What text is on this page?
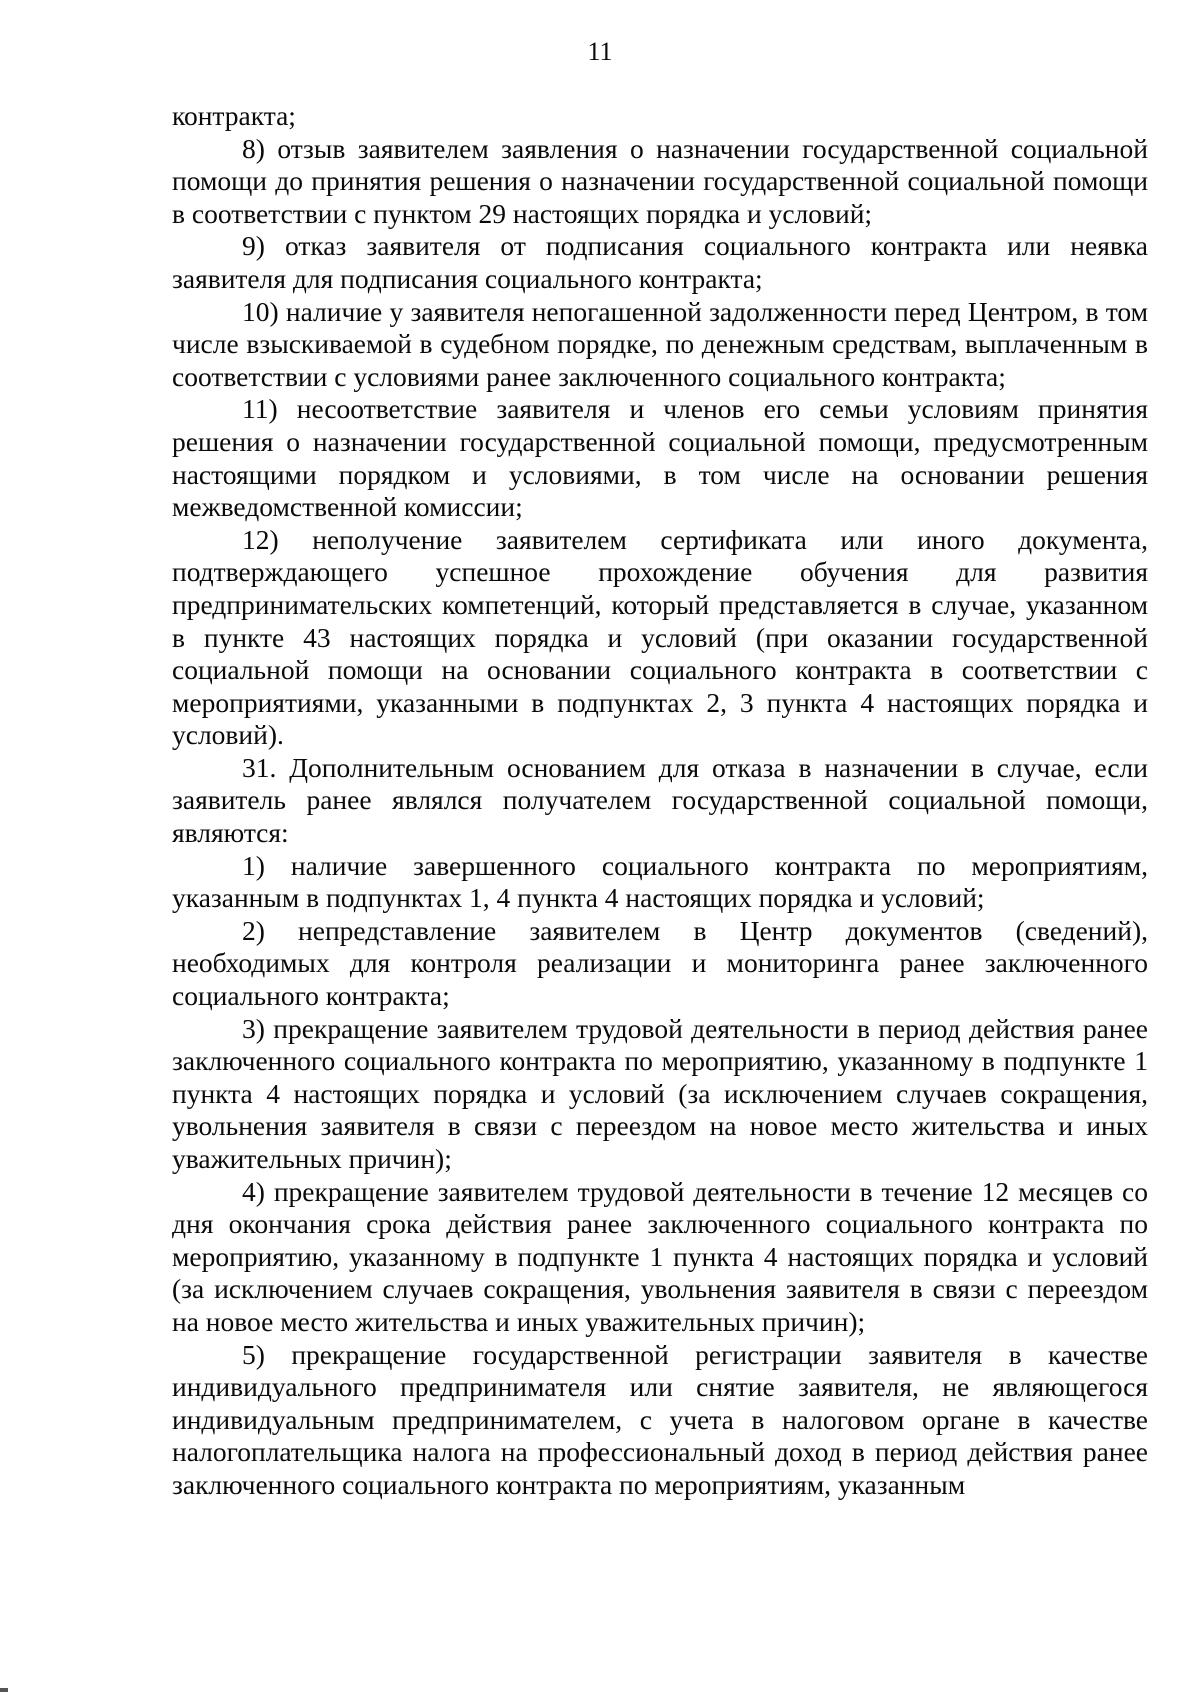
11

контракта;

8) отзыв заявителем заявления о назначении государственной социальной помощи до принятия решения о назначении государственной социальной помощи в соответствии с пунктом 29 настоящих порядка и условий;

9) отказ заявителя от подписания социального контракта или неявка заявителя для подписания социального контракта;

10) наличие у заявителя непогашенной задолженности перед Центром, в том числе взыскиваемой в судебном порядке, по денежным средствам, выплаченным в соответствии с условиями ранее заключенного социального контракта;

11) несоответствие заявителя и членов его семьи условиям принятия решения о назначении государственной социальной помощи, предусмотренным настоящими порядком и условиями, в том числе на основании решения межведомственной комиссии;

12) неполучение заявителем сертификата или иного документа, подтверждающего успешное прохождение обучения для развития предпринимательских компетенций, который представляется в случае, указанном в пункте 43 настоящих порядка и условий (при оказании государственной социальной помощи на основании социального контракта в соответствии с мероприятиями, указанными в подпунктах 2, 3 пункта 4 настоящих порядка и условий).

31. Дополнительным основанием для отказа в назначении в случае, если заявитель ранее являлся получателем государственной социальной помощи, являются:

1) наличие завершенного социального контракта по мероприятиям, указанным в подпунктах 1, 4 пункта 4 настоящих порядка и условий;

2) непредставление заявителем в Центр документов (сведений), необходимых для контроля реализации и мониторинга ранее заключенного социального контракта;

3) прекращение заявителем трудовой деятельности в период действия ранее заключенного социального контракта по мероприятию, указанному в подпункте 1 пункта 4 настоящих порядка и условий (за исключением случаев сокращения, увольнения заявителя в связи с переездом на новое место жительства и иных уважительных причин);

4) прекращение заявителем трудовой деятельности в течение 12 месяцев со дня окончания срока действия ранее заключенного социального контракта по мероприятию, указанному в подпункте 1 пункта 4 настоящих порядка и условий (за исключением случаев сокращения, увольнения заявителя в связи с переездом на новое место жительства и иных уважительных причин);

5) прекращение государственной регистрации заявителя в качестве индивидуального предпринимателя или снятие заявителя, не являющегося индивидуальным предпринимателем, с учета в налоговом органе в качестве налогоплательщика налога на профессиональный доход в период действия ранее заключенного социального контракта по мероприятиям, указанным
